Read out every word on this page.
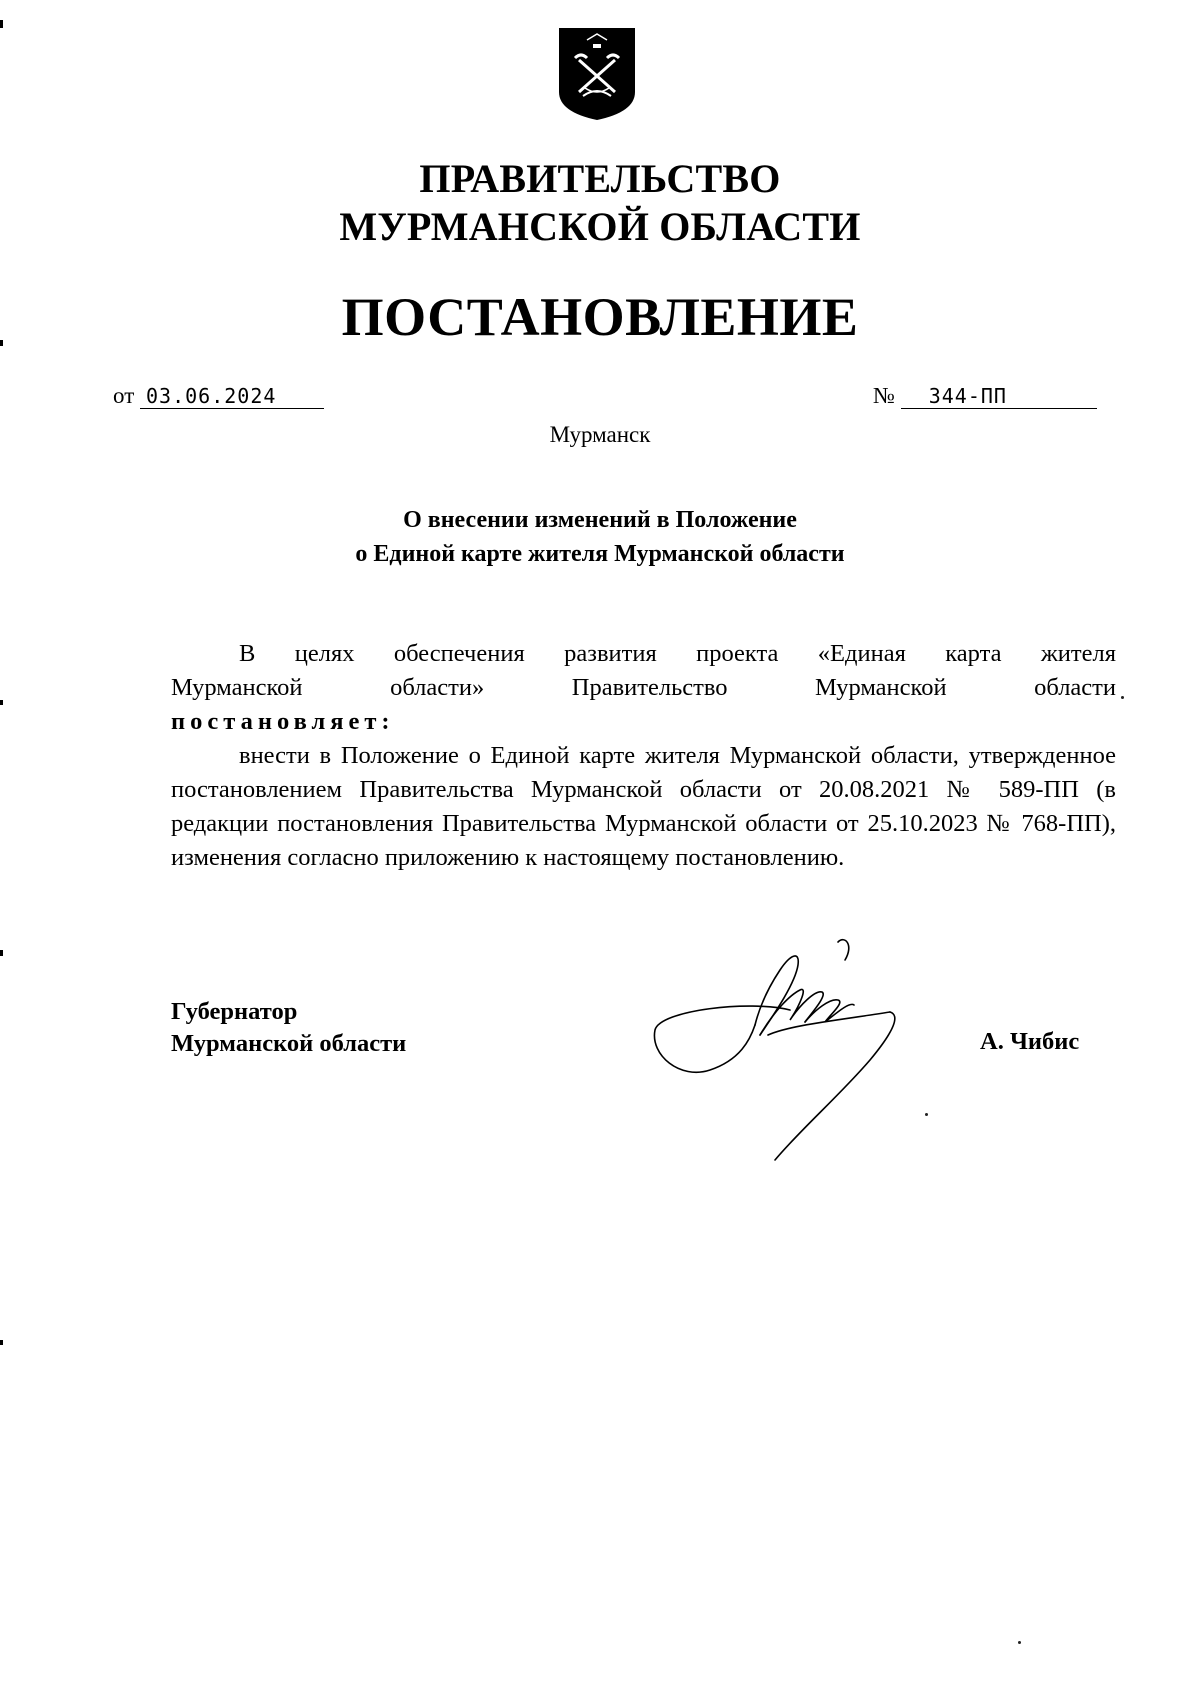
ПРАВИТЕЛЬСТВО
МУРМАНСКОЙ ОБЛАСТИ
ПОСТАНОВЛЕНИЕ
от 03.06.2024	№ 344-ПП
Мурманск
О внесении изменений в Положение
о Единой карте жителя Мурманской области

В целях обеспечения развития проекта «Единая карта жителя

Мурманской области» Правительство Мурманской области

постановляет:

внести в Положение о Единой карте жителя Мурманской области, утвержденное постановлением Правительства Мурманской области от 20.08.2021 № 589-ПП (в редакции постановления Правительства Мурманской области от 25.10.2023 № 768-ПП), изменения согласно приложению к настоящему постановлению.

Губернатор
Мурманской области	А. Чибис
